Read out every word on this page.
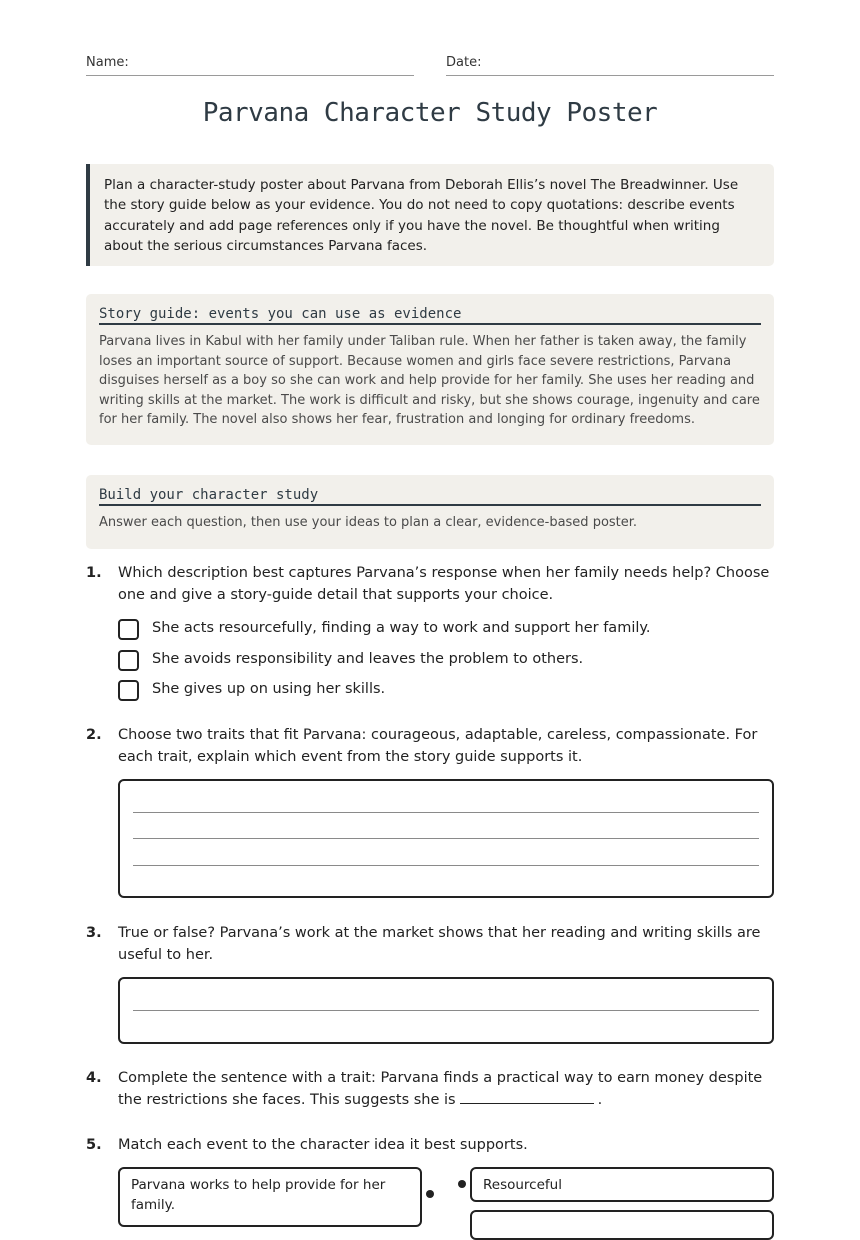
Name:	Date:
Parvana Character Study Poster
Plan a character-study poster about Parvana from Deborah Ellis’s novel The Breadwinner. Use the story guide below as your evidence. You do not need to copy quotations: describe events accurately and add page references only if you have the novel. Be thoughtful when writing about the serious circumstances Parvana faces.
Story guide: events you can use as evidence
Parvana lives in Kabul with her family under Taliban rule. When her father is taken away, the family loses an important source of support. Because women and girls face severe restrictions, Parvana disguises herself as a boy so she can work and help provide for her family. She uses her reading and writing skills at the market. The work is difficult and risky, but she shows courage, ingenuity and care for her family. The novel also shows her fear, frustration and longing for ordinary freedoms.
Build your character study
Answer each question, then use your ideas to plan a clear, evidence-based poster.
1. Which description best captures Parvana’s response when her family needs help? Choose one and give a story-guide detail that supports your choice.
She acts resourcefully, finding a way to work and support her family.
She avoids responsibility and leaves the problem to others.
She gives up on using her skills.
2. Choose two traits that fit Parvana: courageous, adaptable, careless, compassionate. For each trait, explain which event from the story guide supports it.
3. True or false? Parvana’s work at the market shows that her reading and writing skills are useful to her.
4. Complete the sentence with a trait: Parvana finds a practical way to earn money despite the restrictions she faces. This suggests she is	.
5. Match each event to the character idea it best supports.
Parvana works to help provide for her family.
Resourceful
